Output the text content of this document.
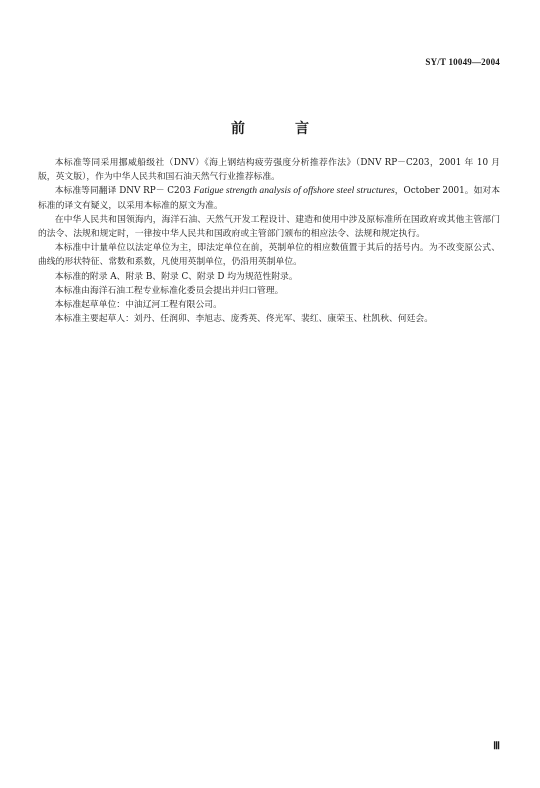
SY/T 10049—2004
前　言

本标准等同采用挪威船级社（DNV）《海上钢结构疲劳强度分析推荐作法》（DNV RP－C203，2001 年 10 月版，英文版），作为中华人民共和国石油天然气行业推荐标准。

本标准等同翻译 DNV RP－ C203 Fatigue strength analysis of offshore steel structures，October 2001。如对本标准的译文有疑义，以采用本标准的原文为准。

在中华人民共和国领海内，海洋石油、天然气开发工程设计、建造和使用中涉及原标准所在国政府或其他主管部门的法令、法规和规定时，一律按中华人民共和国政府或主管部门颁布的相应法令、法规和规定执行。

本标准中计量单位以法定单位为主，即法定单位在前，英制单位的相应数值置于其后的括号内。为不改变原公式、曲线的形状特征、常数和系数，凡使用英制单位，仍沿用英制单位。

本标准的附录 A、附录 B、附录 C、附录 D 均为规范性附录。

本标准由海洋石油工程专业标准化委员会提出并归口管理。

本标准起草单位：中油辽河工程有限公司。

本标准主要起草人：刘丹、任润卯、李旭志、庞秀英、佟光军、裴红、康荣玉、杜凯秋、何廷会。

Ⅲ
